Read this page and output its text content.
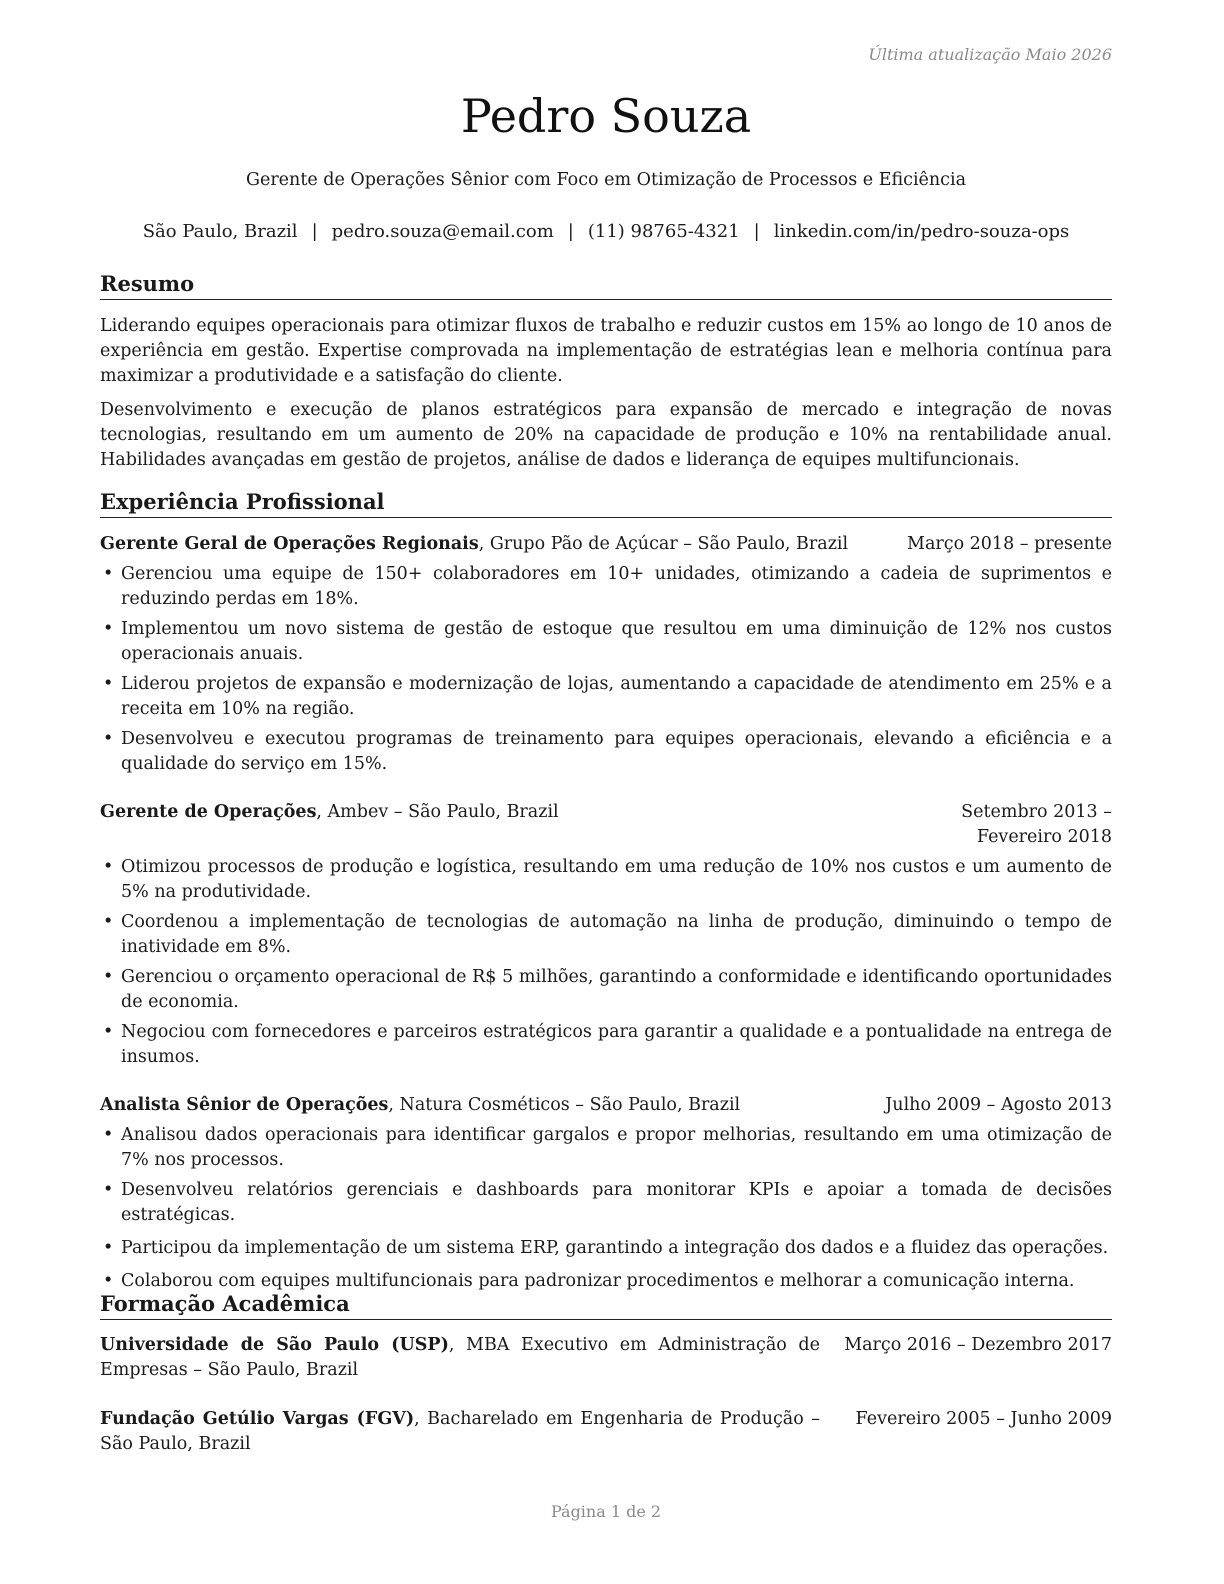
Última atualização Maio 2026
Pedro Souza
Gerente de Operações Sênior com Foco em Otimização de Processos e Eficiência
São Paulo, Brazil | pedro.souza@email.com | (11) 98765-4321 | linkedin.com/in/pedro-souza-ops
Resumo

Liderando equipes operacionais para otimizar fluxos de trabalho e reduzir custos em 15% ao longo de 10 anos de experiência em gestão. Expertise comprovada na implementação de estratégias lean e melhoria contínua para maximizar a produtividade e a satisfação do cliente.

Desenvolvimento e execução de planos estratégicos para expansão de mercado e integração de novas tecnologias, resultando em um aumento de 20% na capacidade de produção e 10% na rentabilidade anual. Habilidades avançadas em gestão de projetos, análise de dados e liderança de equipes multifuncionais.

Experiência Profissional
Gerente Geral de Operações Regionais, Grupo Pão de Açúcar – São Paulo, Brazil	Março 2018 – presente
• Gerenciou uma equipe de 150+ colaboradores em 10+ unidades, otimizando a cadeia de suprimentos e reduzindo perdas em 18%.
• Implementou um novo sistema de gestão de estoque que resultou em uma diminuição de 12% nos custos operacionais anuais.
• Liderou projetos de expansão e modernização de lojas, aumentando a capacidade de atendimento em 25% e a receita em 10% na região.
• Desenvolveu e executou programas de treinamento para equipes operacionais, elevando a eficiência e a qualidade do serviço em 15%.
Gerente de Operações, Ambev – São Paulo, Brazil	Setembro 2013 – Fevereiro 2018
• Otimizou processos de produção e logística, resultando em uma redução de 10% nos custos e um aumento de 5% na produtividade.
• Coordenou a implementação de tecnologias de automação na linha de produção, diminuindo o tempo de inatividade em 8%.
• Gerenciou o orçamento operacional de R$ 5 milhões, garantindo a conformidade e identificando oportunidades de economia.
• Negociou com fornecedores e parceiros estratégicos para garantir a qualidade e a pontualidade na entrega de insumos.
Analista Sênior de Operações, Natura Cosméticos – São Paulo, Brazil	Julho 2009 – Agosto 2013
• Analisou dados operacionais para identificar gargalos e propor melhorias, resultando em uma otimização de 7% nos processos.
• Desenvolveu relatórios gerenciais e dashboards para monitorar KPIs e apoiar a tomada de decisões estratégicas.
• Participou da implementação de um sistema ERP, garantindo a integração dos dados e a fluidez das operações.
• Colaborou com equipes multifuncionais para padronizar procedimentos e melhorar a comunicação interna.
Formação Acadêmica
Universidade de São Paulo (USP), MBA Executivo em Administração de Empresas – São Paulo, Brazil
Março 2016 – Dezembro 2017
Fundação Getúlio Vargas (FGV), Bacharelado em Engenharia de Produção – São Paulo, Brazil
Fevereiro 2005 – Junho 2009
Página 1 de 2
